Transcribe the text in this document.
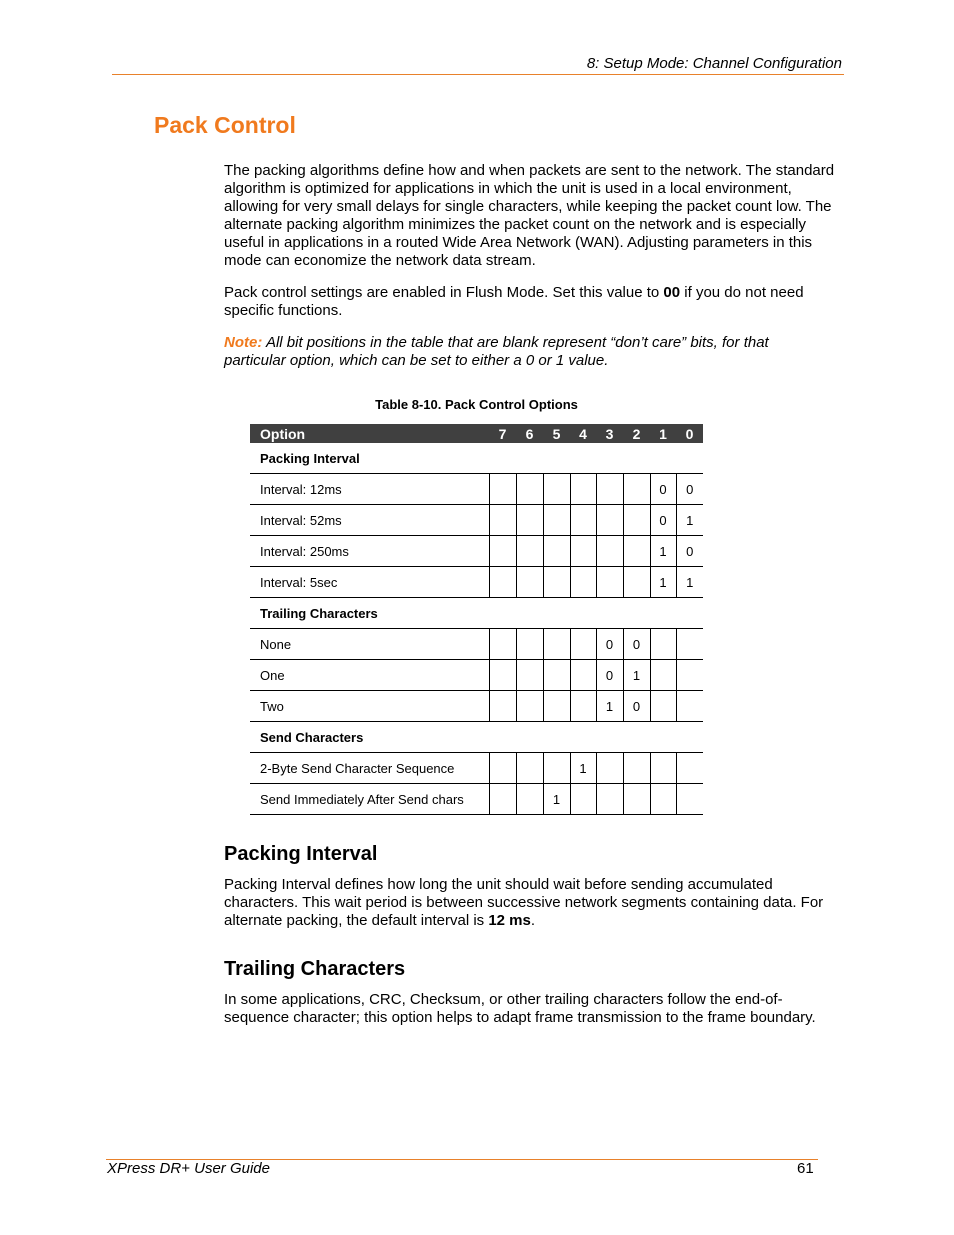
8: Setup Mode: Channel Configuration
Pack Control

The packing algorithms define how and when packets are sent to the network. The standard algorithm is optimized for applications in which the unit is used in a local environment, allowing for very small delays for single characters, while keeping the packet count low. The alternate packing algorithm minimizes the packet count on the network and is especially useful in applications in a routed Wide Area Network (WAN). Adjusting parameters in this mode can economize the network data stream.

Pack control settings are enabled in Flush Mode. Set this value to 00 if you do not need specific functions.

Note: All bit positions in the table that are blank represent “don’t care” bits, for that particular option, which can be set to either a 0 or 1 value.

Table 8-10. Pack Control Options
Option	7	6	5	4	3	2	1	0
Packing Interval								
Interval: 12ms							0	0
Interval: 52ms							0	1
Interval: 250ms							1	0
Interval: 5sec							1	1
Trailing Characters								
None					0	0		
One					0	1		
Two					1	0		
Send Characters								
2-Byte Send Character Sequence				1				
Send Immediately After Send chars			1					
Packing Interval

Packing Interval defines how long the unit should wait before sending accumulated characters. This wait period is between successive network segments containing data. For alternate packing, the default interval is 12 ms.

Trailing Characters

In some applications, CRC, Checksum, or other trailing characters follow the end-of-sequence character; this option helps to adapt frame transmission to the frame boundary.

XPress DR+ User Guide	61
